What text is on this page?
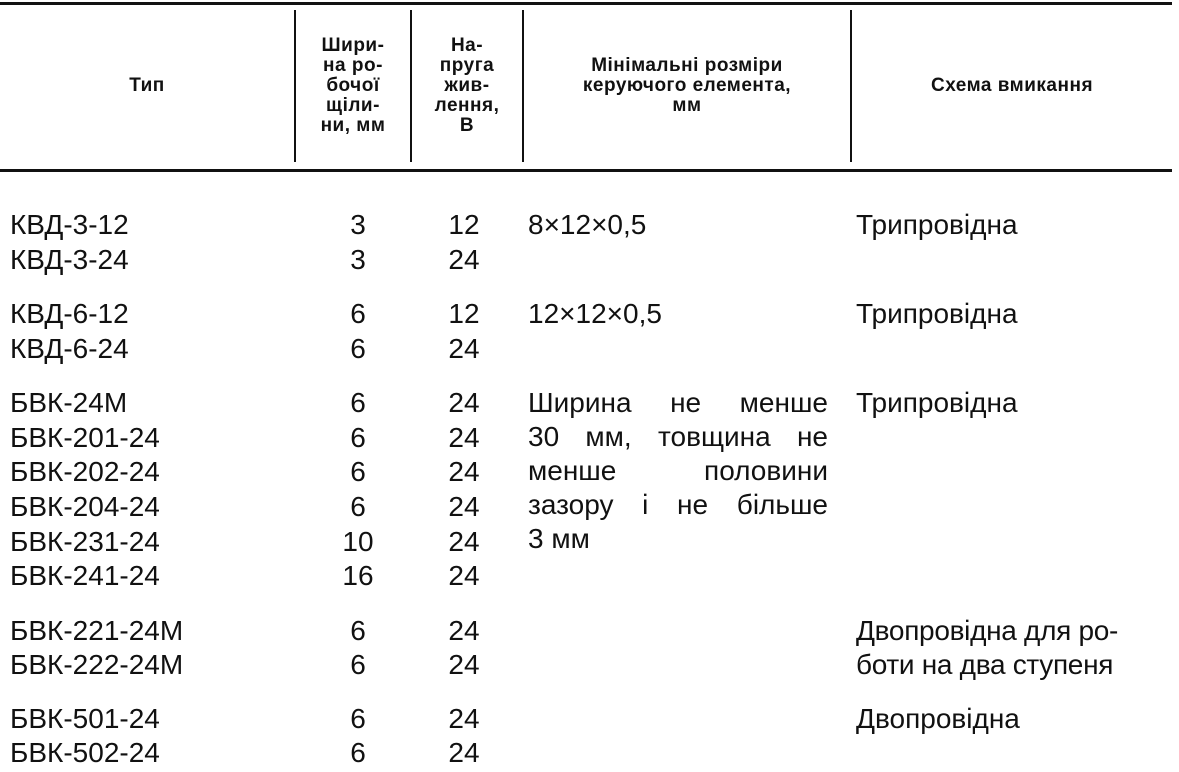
Тип
Шири-
на ро-
бочої
щіли-
ни, мм
На-
пруга
жив-
лення,
В
Мінімальні розміри
керуючого елемента,
мм
Схема вмикання
КВД-3-12
КВД-3-24
КВД-6-12
КВД-6-24
БВК-24М
БВК-201-24
БВК-202-24
БВК-204-24
БВК-231-24
БВК-241-24
БВК-221-24М
БВК-222-24М
БВК-501-24
БВК-502-24
3
3
6
6
6
6
6
6
10
16
6
6
6
6
12
24
12
24
24
24
24
24
24
24
24
24
24
24
8×12×0,5
12×12×0,5
Ширина не менше
30 мм, товщина не
менше половини
зазору і не більше
3 мм
Трипровідна
Трипровідна
Трипровідна
Двопровідна для ро-
боти на два ступеня
Двопровідна
